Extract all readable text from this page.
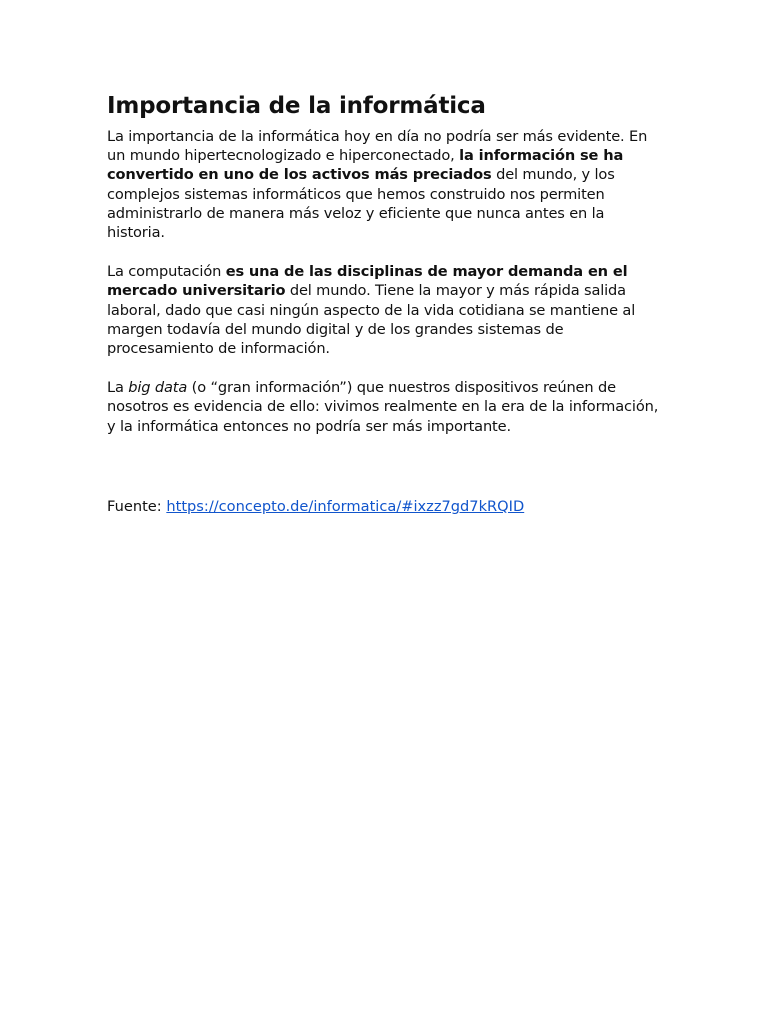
Importancia de la informática

La importancia de la informática hoy en día no podría ser más evidente. En un mundo hipertecnologizado e hiperconectado, la información se ha convertido en uno de los activos más preciados del mundo, y los complejos sistemas informáticos que hemos construido nos permiten administrarlo de manera más veloz y eficiente que nunca antes en la historia.

La computación es una de las disciplinas de mayor demanda en el mercado universitario del mundo. Tiene la mayor y más rápida salida laboral, dado que casi ningún aspecto de la vida cotidiana se mantiene al margen todavía del mundo digital y de los grandes sistemas de procesamiento de información.

La big data (o “gran información”) que nuestros dispositivos reúnen de nosotros es evidencia de ello: vivimos realmente en la era de la información, y la informática entonces no podría ser más importante.

Fuente: https://concepto.de/informatica/#ixzz7gd7kRQID
